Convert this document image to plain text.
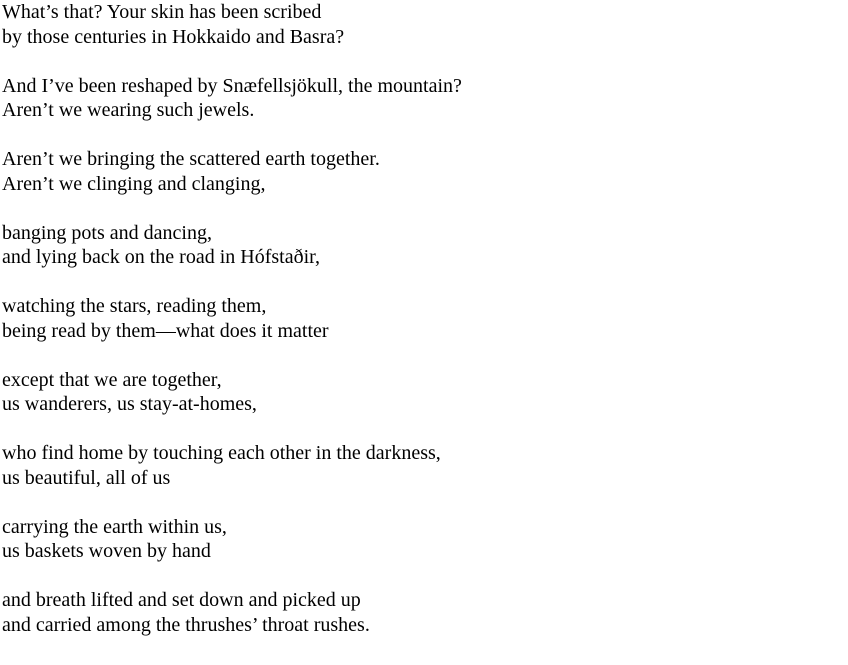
What’s that? Your skin has been scribed
by those centuries in Hokkaido and Basra?
And I’ve been reshaped by Snæfellsjökull, the mountain?
Aren’t we wearing such jewels.
Aren’t we bringing the scattered earth together.
Aren’t we clinging and clanging,
banging pots and dancing,
and lying back on the road in Hófstaðir,
watching the stars, reading them,
being read by them—what does it matter
except that we are together,
us wanderers, us stay-at-homes,
who find home by touching each other in the darkness,
us beautiful, all of us
carrying the earth within us,
us baskets woven by hand
and breath lifted and set down and picked up
and carried among the thrushes’ throat rushes.
